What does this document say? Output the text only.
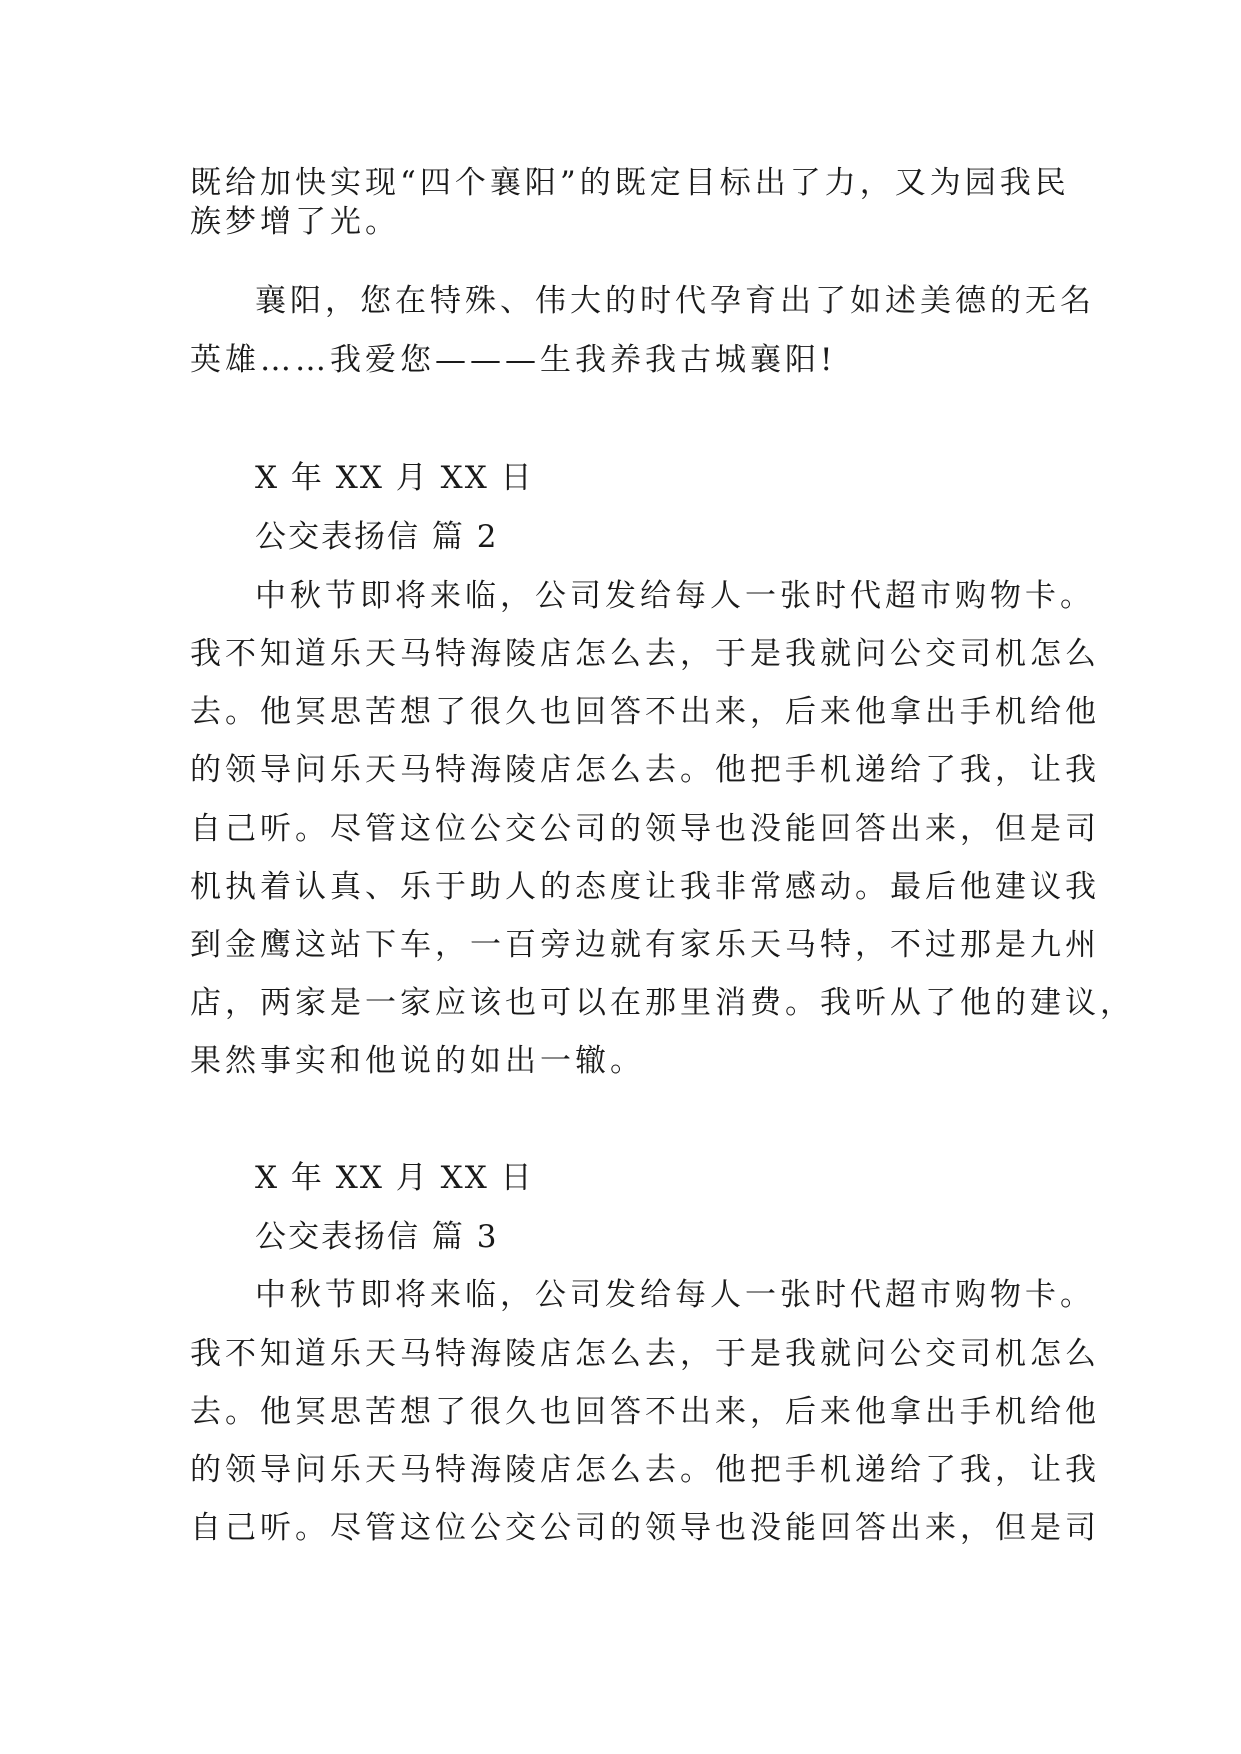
既给加快实现“四个襄阳”的既定目标出了力，又为园我民
族梦增了光。
襄阳，您在特殊、伟大的时代孕育出了如述美德的无名
英雄……我爱您———生我养我古城襄阳!
X 年 XX 月 XX 日
公交表扬信 篇 2
中秋节即将来临，公司发给每人一张时代超市购物卡。
我不知道乐天马特海陵店怎么去，于是我就问公交司机怎么
去。他冥思苦想了很久也回答不出来，后来他拿出手机给他
的领导问乐天马特海陵店怎么去。他把手机递给了我，让我
自己听。尽管这位公交公司的领导也没能回答出来，但是司
机执着认真、乐于助人的态度让我非常感动。最后他建议我
到金鹰这站下车，一百旁边就有家乐天马特，不过那是九州
店，两家是一家应该也可以在那里消费。我听从了他的建议，
果然事实和他说的如出一辙。
X 年 XX 月 XX 日
公交表扬信 篇 3
中秋节即将来临，公司发给每人一张时代超市购物卡。
我不知道乐天马特海陵店怎么去，于是我就问公交司机怎么
去。他冥思苦想了很久也回答不出来，后来他拿出手机给他
的领导问乐天马特海陵店怎么去。他把手机递给了我，让我
自己听。尽管这位公交公司的领导也没能回答出来，但是司
